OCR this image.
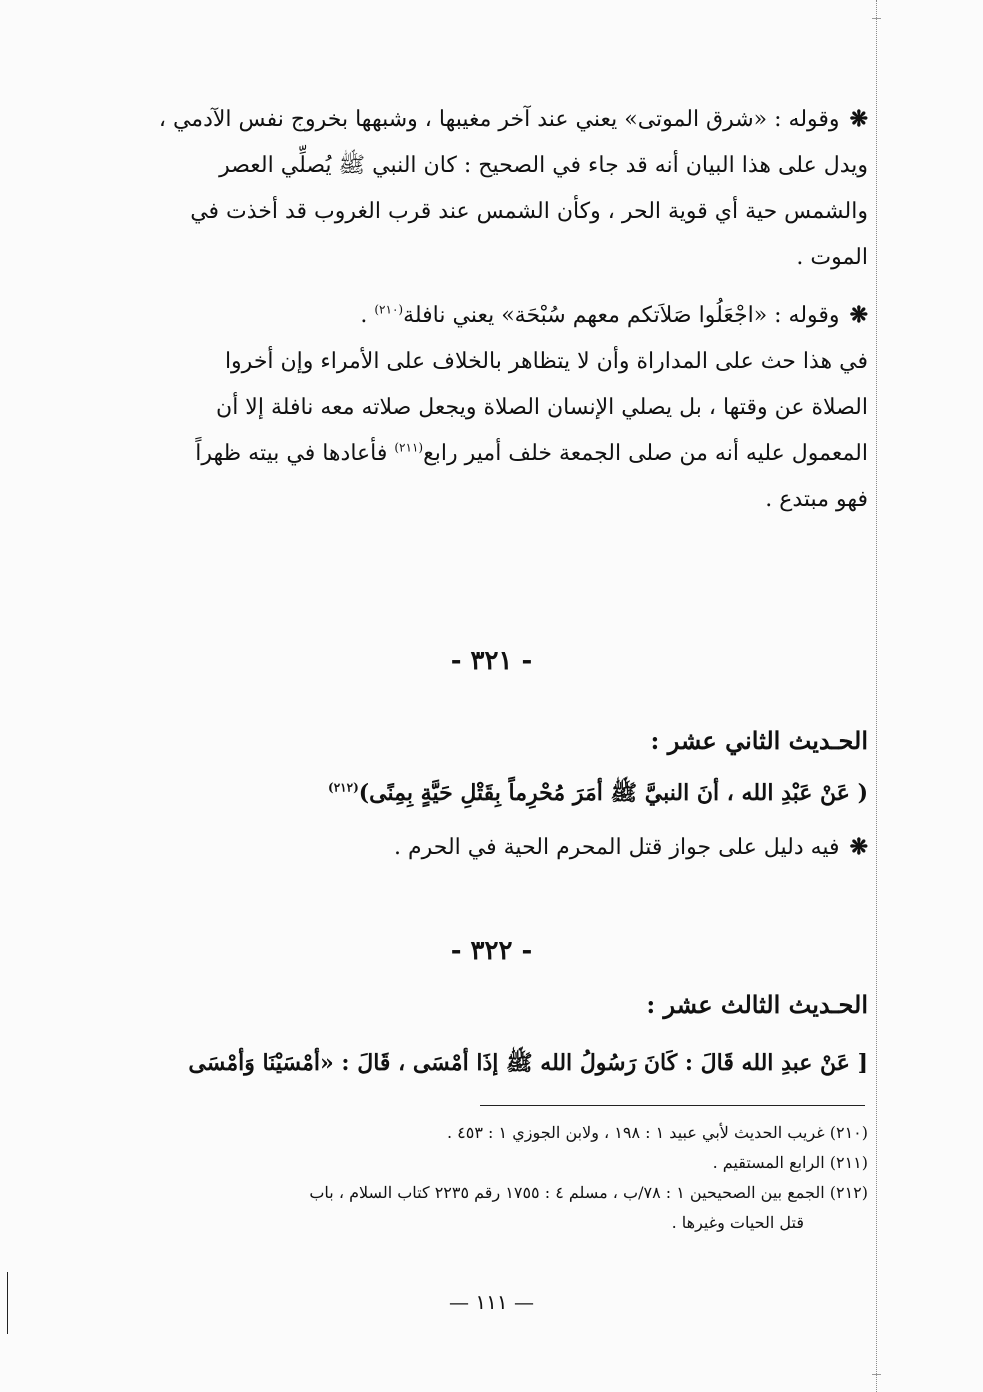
❋وقوله : «شرق الموتى» يعني عند آخر مغيبها ، وشبهها بخروج نفس الآدمي ،

ويدل على هذا البيان أنه قد جاء في الصحيح : كان النبي ﷺ يُصلِّي العصر

والشمس حية أي قوية الحر ، وكأن الشمس عند قرب الغروب قد أخذت في

الموت .

❋وقوله : «اجْعَلُوا صَلاَتكم معهم سُبْحَة» يعني نافلة$^{(٢١٠)}$ .

في هذا حث على المداراة وأن لا يتظاهر بالخلاف على الأمراء وإن أخروا

الصلاة عن وقتها ، بل يصلي الإنسان الصلاة ويجعل صلاته معه نافلة إلا أن

المعمول عليه أنه من صلى الجمعة خلف أمير رابع$^{(٢١١)}$ فأعادها في بيته ظهراً

فهو مبتدع .

- ٣٢١ -

الحـديث الثاني عشر :

( عَنْ عَبْدِ الله ، أنَ النبيَّ ﷺ أمَرَ مُحْرِماً بِقَتْلِ حَيَّةٍ بِمِنًى)$^{(٢١٢)}$

❋فيه دليل على جواز قتل المحرم الحية في الحرم .

- ٣٢٢ -

الحـديث الثالث عشر :

[ عَنْ عبدِ الله قَالَ : كَانَ رَسُولُ الله ﷺ إذَا أمْسَى ، قَالَ : «أمْسَيْنَا وَأمْسَى

(٢١٠) غريب الحديث لأبي عبيد ١ : ١٩٨ ، ولابن الجوزي ١ : ٤٥٣ .

(٢١١) الرابع المستقيم .

(٢١٢) الجمع بين الصحيحين ١ : ٧٨/ب ، مسلم ٤ : ١٧٥٥ رقم ٢٢٣٥ كتاب السلام ، باب

قتل الحيات وغيرها .

— ١١١ —
